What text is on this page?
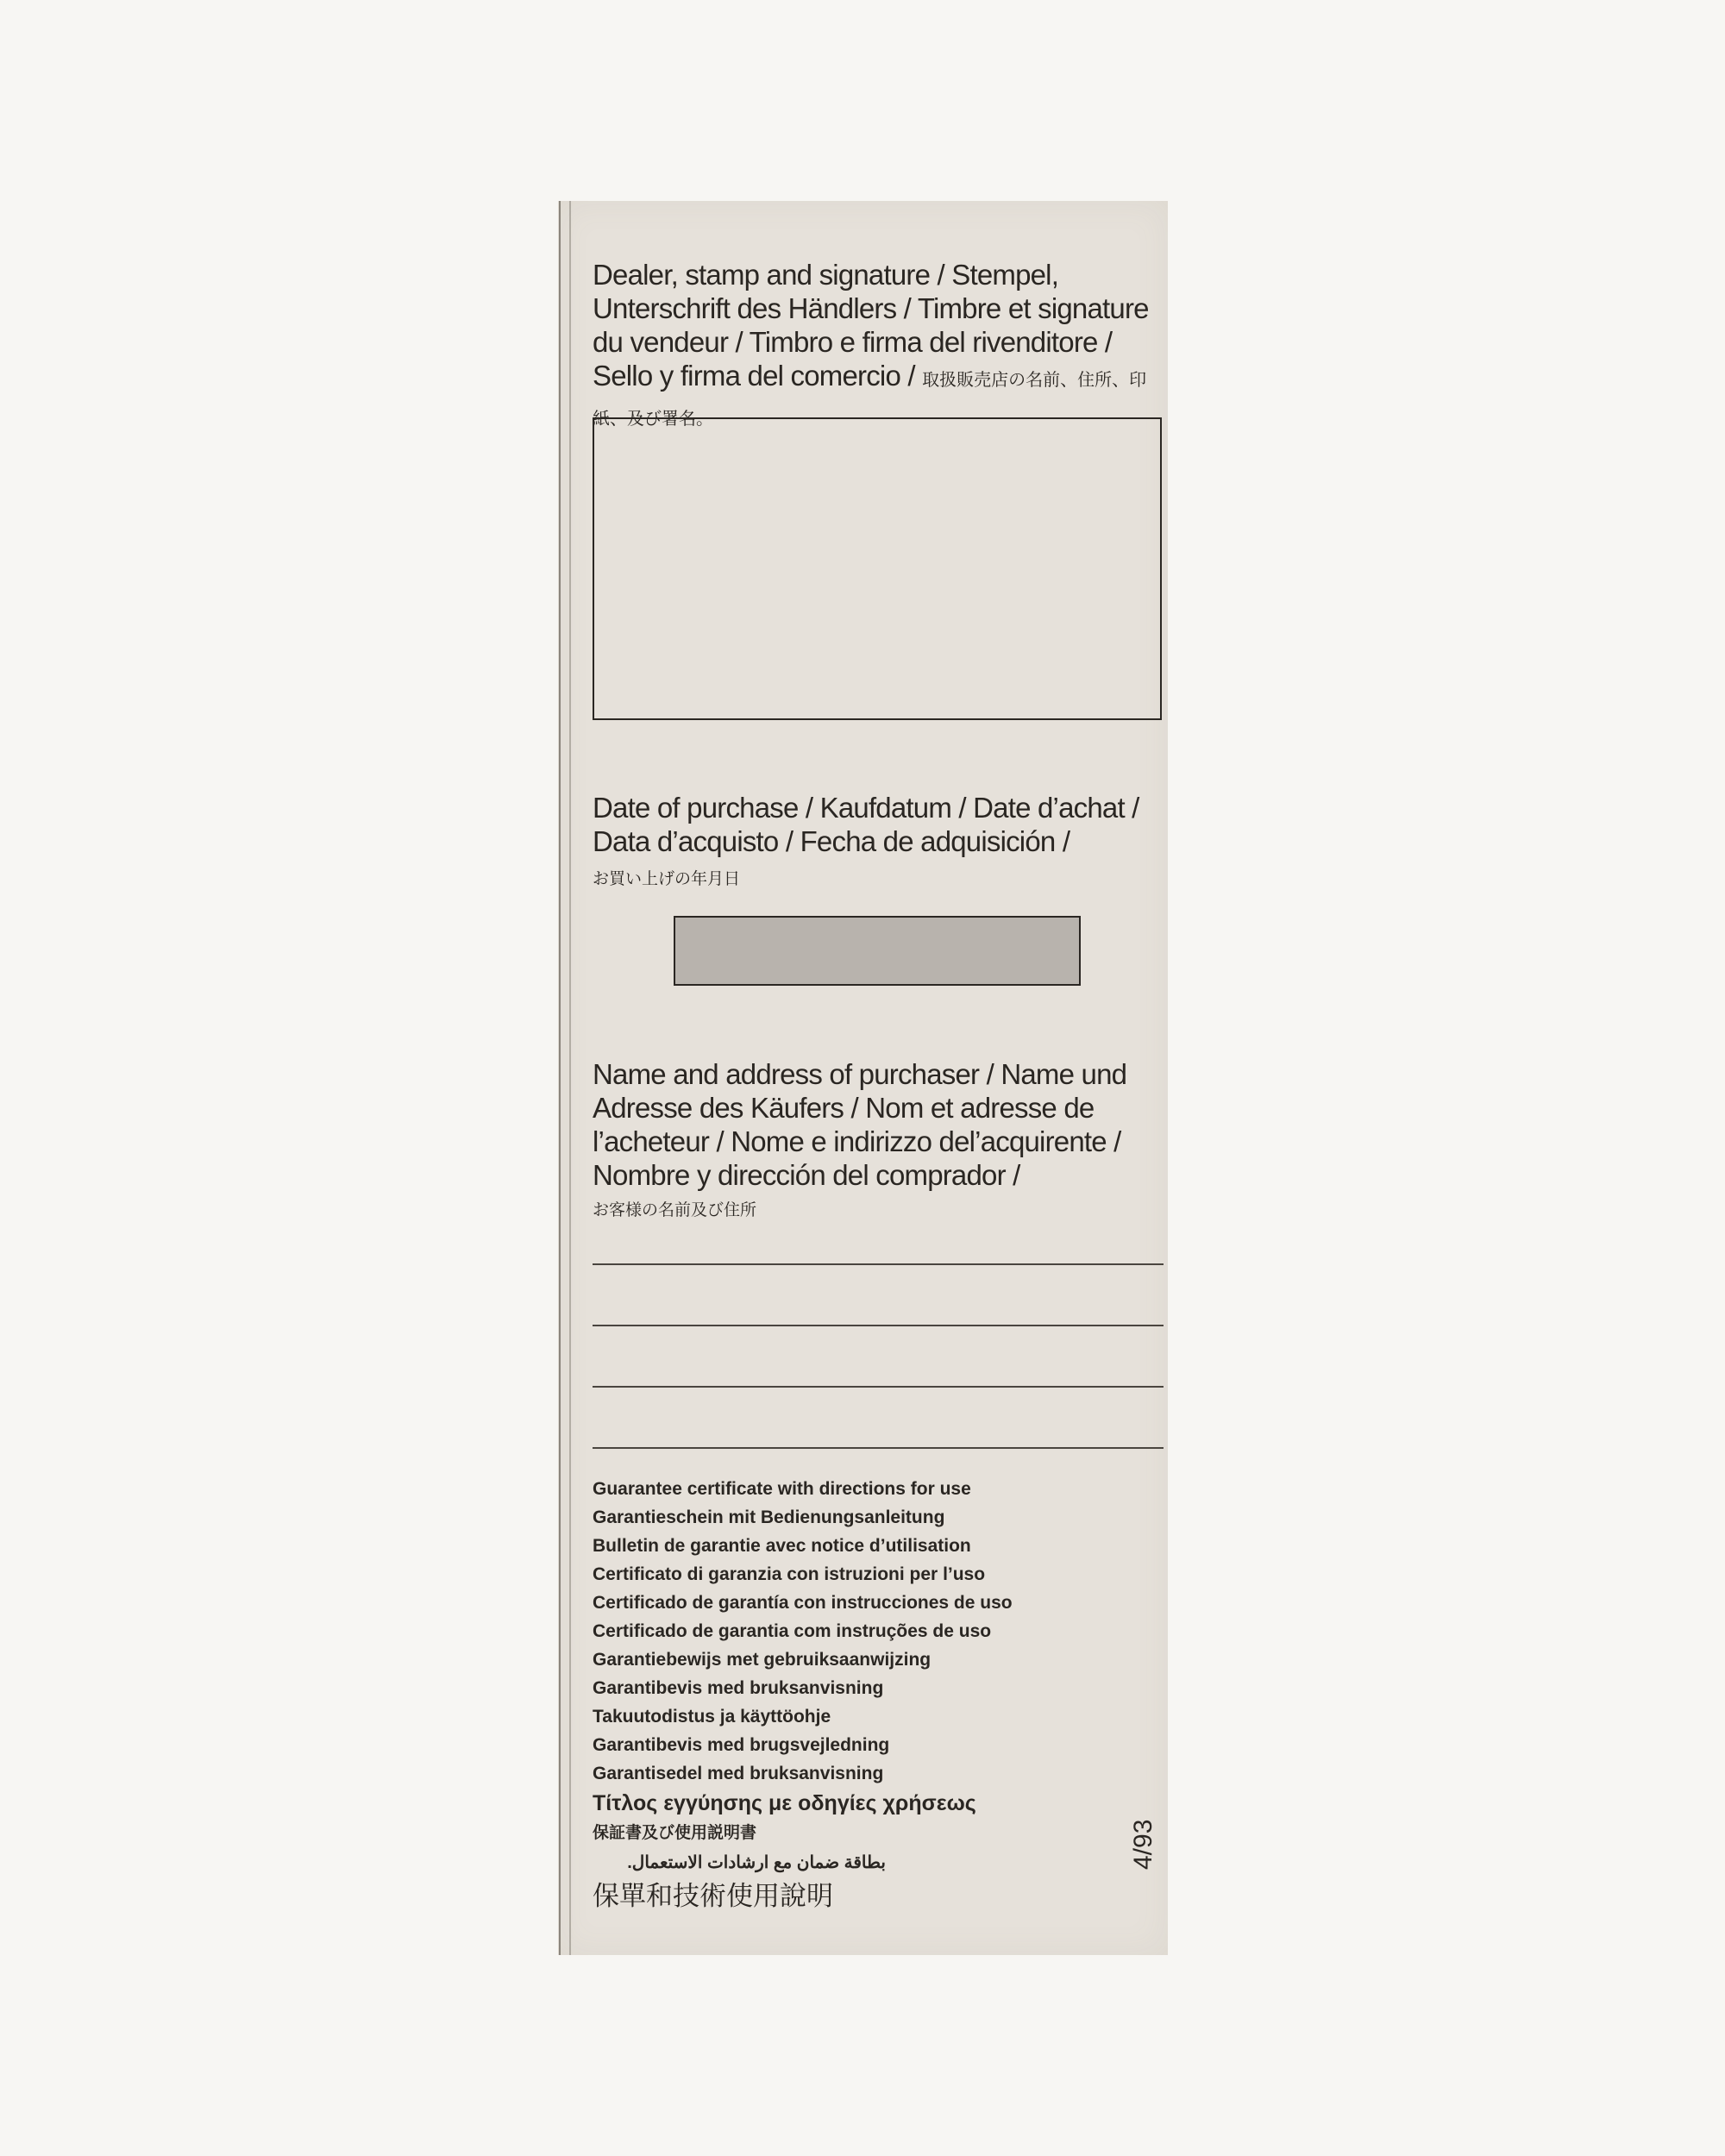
Dealer, stamp and signature / Stempel, Unterschrift des Händlers / Timbre et signature du vendeur / Timbro e firma del rivenditore / Sello y firma del comercio / 取扱販売店の名前、住所、印紙、及び署名。

Date of purchase / Kaufdatum / Date d’achat / Data d’acquisto / Fecha de adquisición /

お買い上げの年月日

Name and address of purchaser / Name und Adresse des Käufers / Nom et adresse de l’acheteur / Nome e indirizzo del’acquirente / Nombre y dirección del comprador /

お客様の名前及び住所
Guarantee certificate with directions for use
Garantieschein mit Bedienungsanleitung
Bulletin de garantie avec notice d’utilisation
Certificato di garanzia con istruzioni per l’uso
Certificado de garantía con instrucciones de uso
Certificado de garantia com instruções de uso
Garantiebewijs met gebruiksaanwijzing
Garantibevis med bruksanvisning
Takuutodistus ja käyttöohje
Garantibevis med brugsvejledning
Garantisedel med bruksanvisning
Τίτλος εγγύησης με οδηγίες χρήσεως
保証書及び使用説明書
بطاقة ضمان مع ارشادات الاستعمال.
保單和技術使用說明
4/93
